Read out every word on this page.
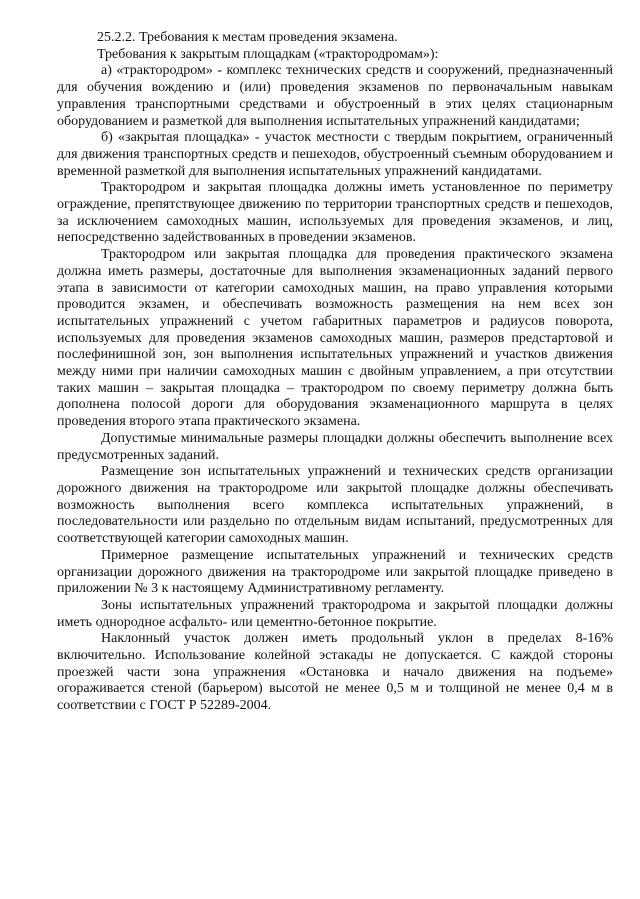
25.2.2. Требования к местам проведения экзамена.

Требования к закрытым площадкам («трактородромам»):

а) «трактородром» - комплекс технических средств и сооружений, предназначенный для обучения вождению и (или) проведения экзаменов по первоначальным навыкам управления транспортными средствами и обустроенный в этих целях стационарным оборудованием и разметкой для выполнения испытательных упражнений кандидатами;

б) «закрытая площадка» - участок местности с твердым покрытием, ограниченный для движения транспортных средств и пешеходов, обустроенный съемным оборудованием и временной разметкой для выполнения испытательных упражнений кандидатами.

Трактородром и закрытая площадка должны иметь установленное по периметру ограждение, препятствующее движению по территории транспортных средств и пешеходов, за исключением самоходных машин, используемых для проведения экзаменов, и лиц, непосредственно задействованных в проведении экзаменов.

Трактородром или закрытая площадка для проведения практического экзамена должна иметь размеры, достаточные для выполнения экзаменационных заданий первого этапа в зависимости от категории самоходных машин, на право управления которыми проводится экзамен, и обеспечивать возможность размещения на нем всех зон испытательных упражнений с учетом габаритных параметров и радиусов поворота, используемых для проведения экзаменов самоходных машин, размеров предстартовой и послефинишной зон, зон выполнения испытательных упражнений и участков движения между ними при наличии самоходных машин с двойным управлением, а при отсутствии таких машин – закрытая площадка – трактородром по своему периметру должна быть дополнена полосой дороги для оборудования экзаменационного маршрута в целях проведения второго этапа практического экзамена.

Допустимые минимальные размеры площадки должны обеспечить выполнение всех предусмотренных заданий.

Размещение зон испытательных упражнений и технических средств организации дорожного движения на трактородроме или закрытой площадке должны обеспечивать возможность выполнения всего комплекса испытательных упражнений, в последовательности или раздельно по отдельным видам испытаний, предусмотренных для соответствующей категории самоходных машин.

Примерное размещение испытательных упражнений и технических средств организации дорожного движения на трактородроме или закрытой площадке приведено в приложении № 3 к настоящему Административному регламенту.

Зоны испытательных упражнений трактородрома и закрытой площадки должны иметь однородное асфальто- или цементно-бетонное покрытие.

Наклонный участок должен иметь продольный уклон в пределах 8-16% включительно. Использование колейной эстакады не допускается. С каждой стороны проезжей части зона упражнения «Остановка и начало движения на подъеме» огораживается стеной (барьером) высотой не менее 0,5 м и толщиной не менее 0,4 м в соответствии с ГОСТ Р 52289-2004.
